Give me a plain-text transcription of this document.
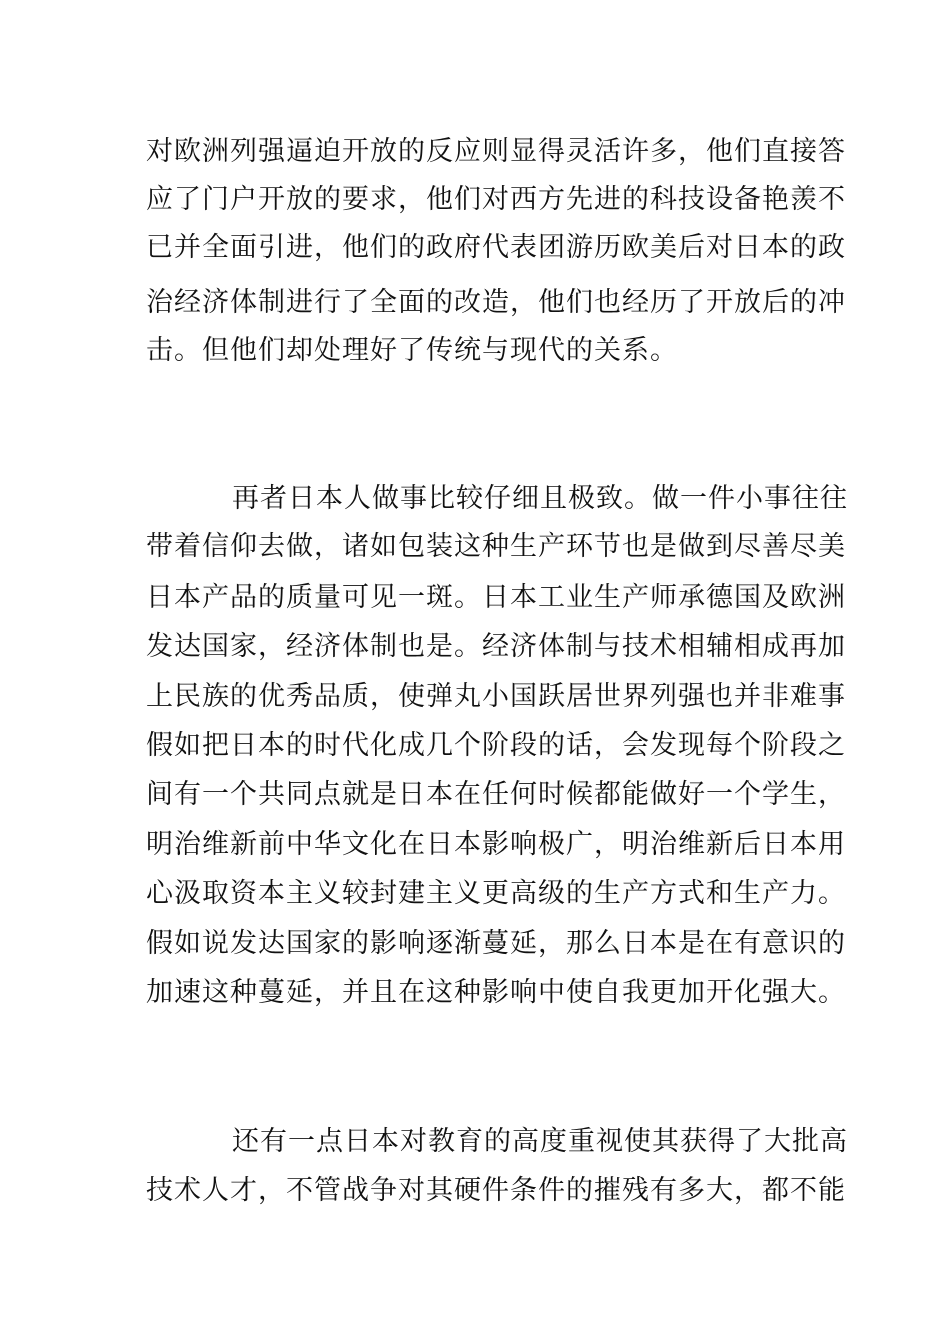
对欧洲列强逼迫开放的反应则显得灵活许多，他们直接答
应了门户开放的要求，他们对西方先进的科技设备艳羡不
已并全面引进，他们的政府代表团游历欧美后对日本的政
治经济体制进行了全面的改造，他们也经历了开放后的冲
击。但他们却处理好了传统与现代的关系。
再者日本人做事比较仔细且极致。做一件小事往往
带着信仰去做，诸如包装这种生产环节也是做到尽善尽美
日本产品的质量可见一斑。日本工业生产师承德国及欧洲
发达国家，经济体制也是。经济体制与技术相辅相成再加
上民族的优秀品质，使弹丸小国跃居世界列强也并非难事
假如把日本的时代化成几个阶段的话，会发现每个阶段之
间有一个共同点就是日本在任何时候都能做好一个学生，
明治维新前中华文化在日本影响极广，明治维新后日本用
心汲取资本主义较封建主义更高级的生产方式和生产力。
假如说发达国家的影响逐渐蔓延，那么日本是在有意识的
加速这种蔓延，并且在这种影响中使自我更加开化强大。
还有一点日本对教育的高度重视使其获得了大批高
技术人才，不管战争对其硬件条件的摧残有多大，都不能
